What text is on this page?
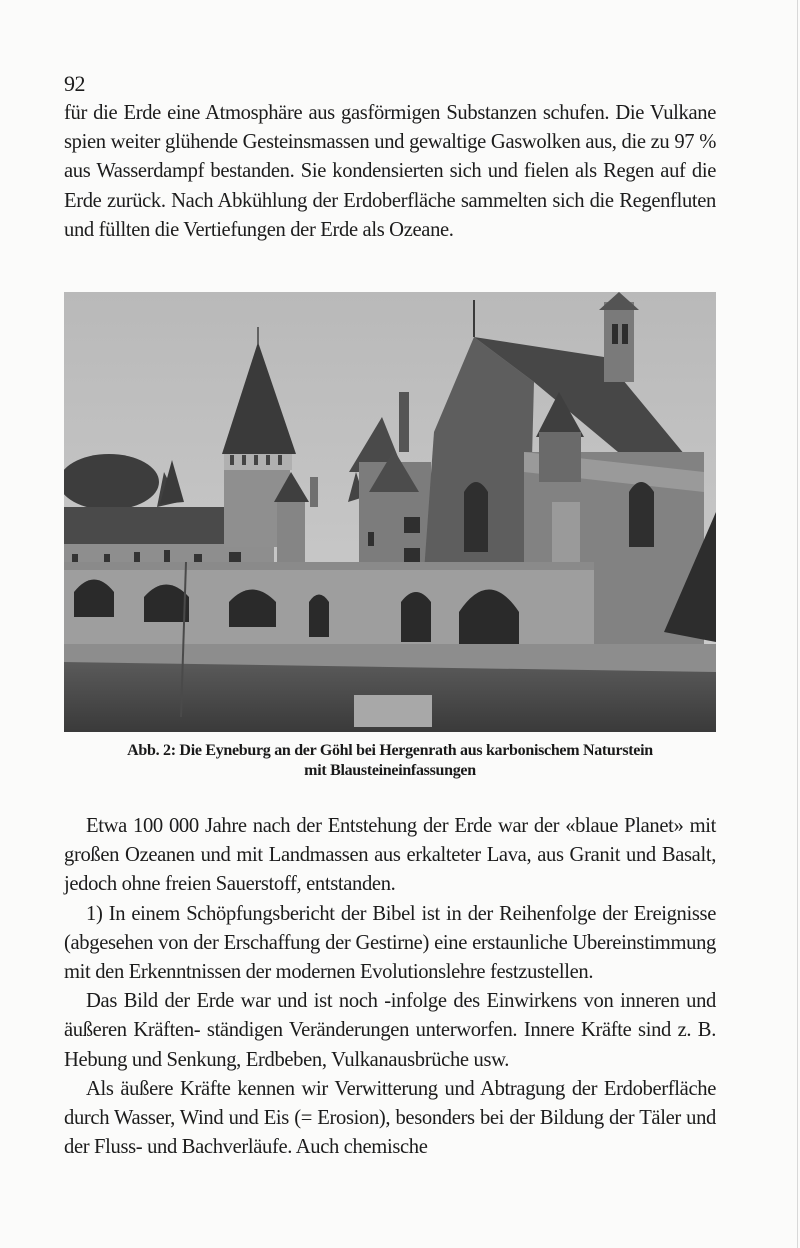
92

für die Erde eine Atmosphäre aus gasförmigen Substanzen schufen. Die Vulkane spien weiter glühende Gesteinsmassen und gewaltige Gaswolken aus, die zu 97 % aus Wasserdampf bestanden. Sie kondensierten sich und fielen als Regen auf die Erde zurück. Nach Abkühlung der Erdoberfläche sammelten sich die Regenfluten und füllten die Vertiefungen der Erde als Ozeane.

Abb. 2: Die Eyneburg an der Göhl bei Hergenrath aus karbonischem Naturstein
mit Blausteineinfassungen

Etwa 100 000 Jahre nach der Entstehung der Erde war der «blaue Planet» mit großen Ozeanen und mit Landmassen aus erkalteter Lava, aus Granit und Basalt, jedoch ohne freien Sauerstoff, entstanden.

1) In einem Schöpfungsbericht der Bibel ist in der Reihenfolge der Ereignisse (abgesehen von der Erschaffung der Gestirne) eine erstaunliche Ubereinstimmung mit den Erkenntnissen der modernen Evolutionslehre festzustellen.

Das Bild der Erde war und ist noch -infolge des Einwirkens von inneren und äußeren Kräften- ständigen Veränderungen unterworfen. Innere Kräfte sind z. B. Hebung und Senkung, Erdbeben, Vulkanausbrüche usw.

Als äußere Kräfte kennen wir Verwitterung und Abtragung der Erdoberfläche durch Wasser, Wind und Eis (= Erosion), besonders bei der Bildung der Täler und der Fluss- und Bachverläufe. Auch chemische
